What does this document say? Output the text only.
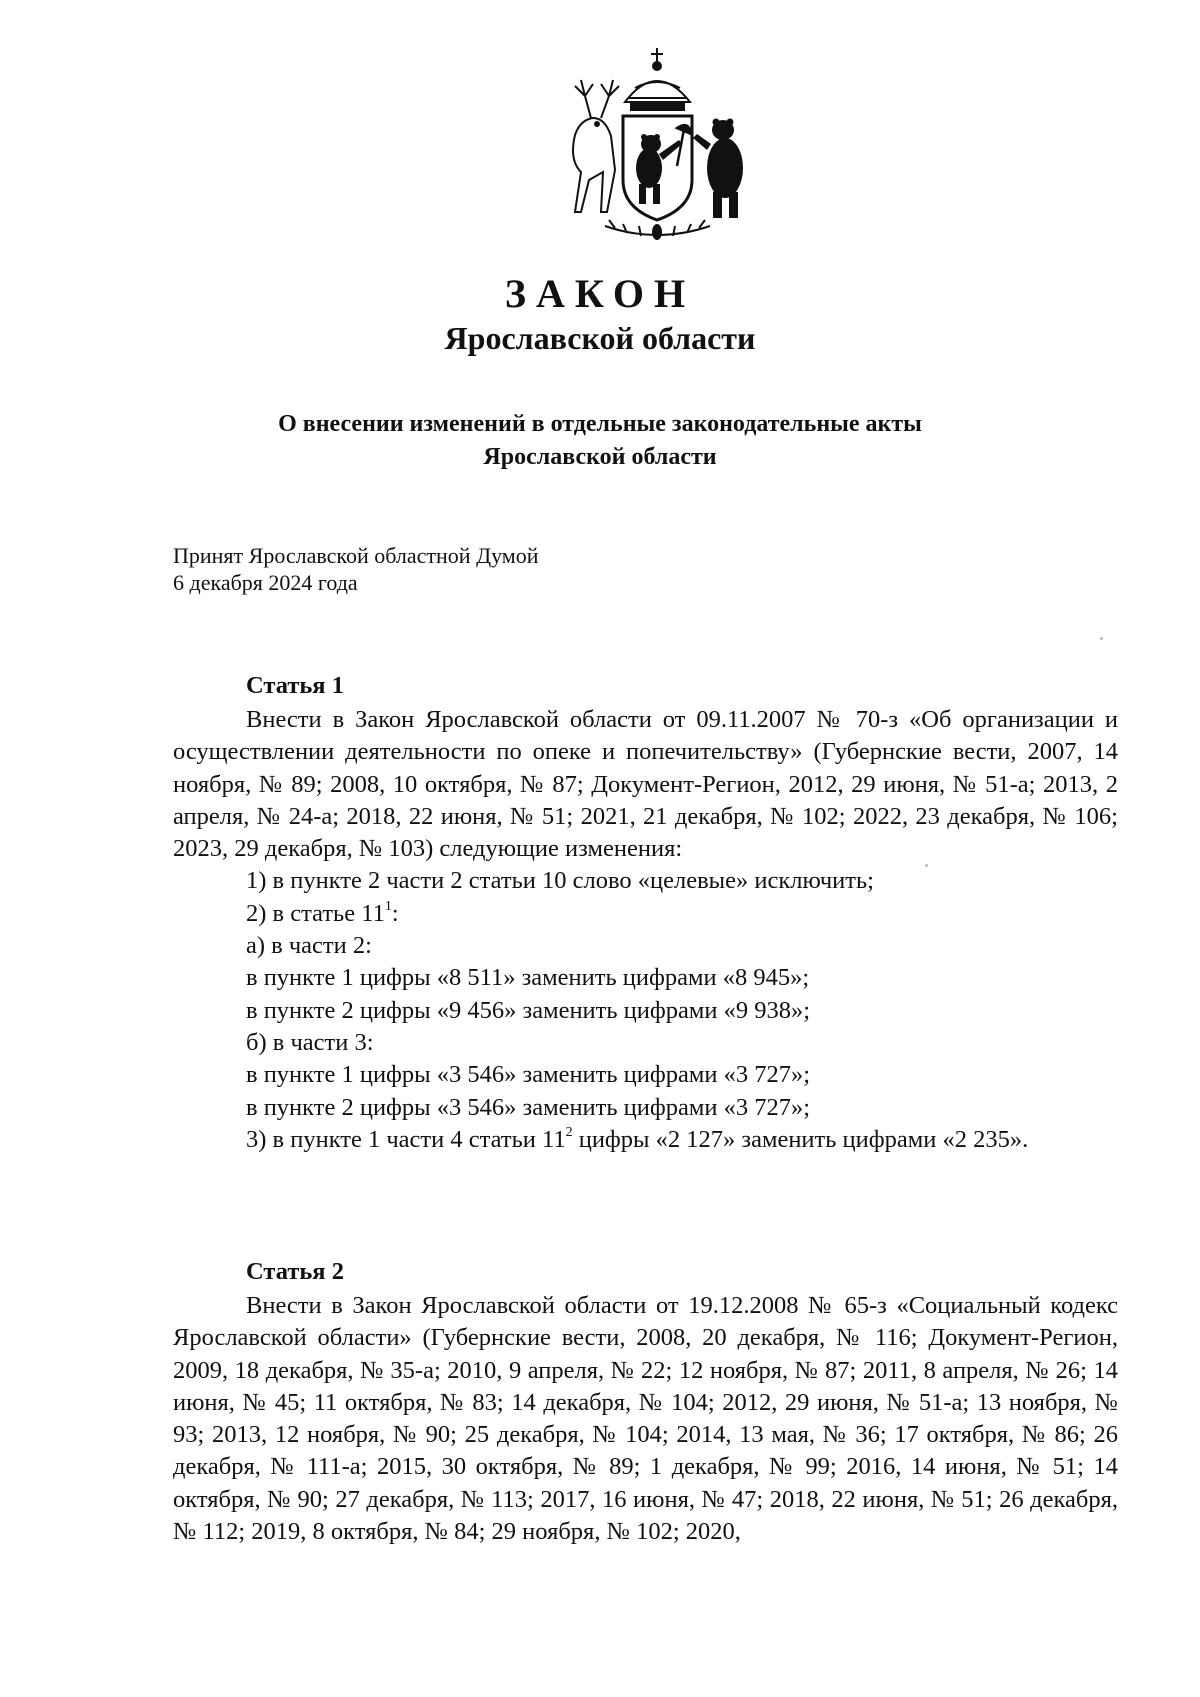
ЗАКОН
Ярославской области
О внесении изменений в отдельные законодательные акты
Ярославской области
Принят Ярославской областной Думой
6 декабря 2024 года
Статья 1
Внести в Закон Ярославской области от 09.11.2007 № 70-з «Об организации и осуществлении деятельности по опеке и попечительству» (Губернские вести, 2007, 14 ноября, № 89; 2008, 10 октября, № 87; Документ-Регион, 2012, 29 июня, № 51-а; 2013, 2 апреля, № 24-а; 2018, 22 июня, № 51; 2021, 21 декабря, № 102; 2022, 23 декабря, № 106; 2023, 29 декабря, № 103) следующие изменения:
1) в пункте 2 части 2 статьи 10 слово «целевые» исключить;
2) в статье $11^1$:
а) в части 2:
в пункте 1 цифры «8 511» заменить цифрами «8 945»;
в пункте 2 цифры «9 456» заменить цифрами «9 938»;
б) в части 3:
в пункте 1 цифры «3 546» заменить цифрами «3 727»;
в пункте 2 цифры «3 546» заменить цифрами «3 727»;
3) в пункте 1 части 4 статьи $11^2$ цифры «2 127» заменить цифрами «2 235».
Статья 2
Внести в Закон Ярославской области от 19.12.2008 № 65-з «Социальный кодекс Ярославской области» (Губернские вести, 2008, 20 декабря, № 116; Документ-Регион, 2009, 18 декабря, № 35-а; 2010, 9 апреля, № 22; 12 ноября, № 87; 2011, 8 апреля, № 26; 14 июня, № 45; 11 октября, № 83; 14 декабря, № 104; 2012, 29 июня, № 51-а; 13 ноября, № 93; 2013, 12 ноября, № 90; 25 декабря, № 104; 2014, 13 мая, № 36; 17 октября, № 86; 26 декабря, № 111-а; 2015, 30 октября, № 89; 1 декабря, № 99; 2016, 14 июня, № 51; 14 октября, № 90; 27 декабря, № 113; 2017, 16 июня, № 47; 2018, 22 июня, № 51; 26 декабря, № 112; 2019, 8 октября, № 84; 29 ноября, № 102; 2020,
